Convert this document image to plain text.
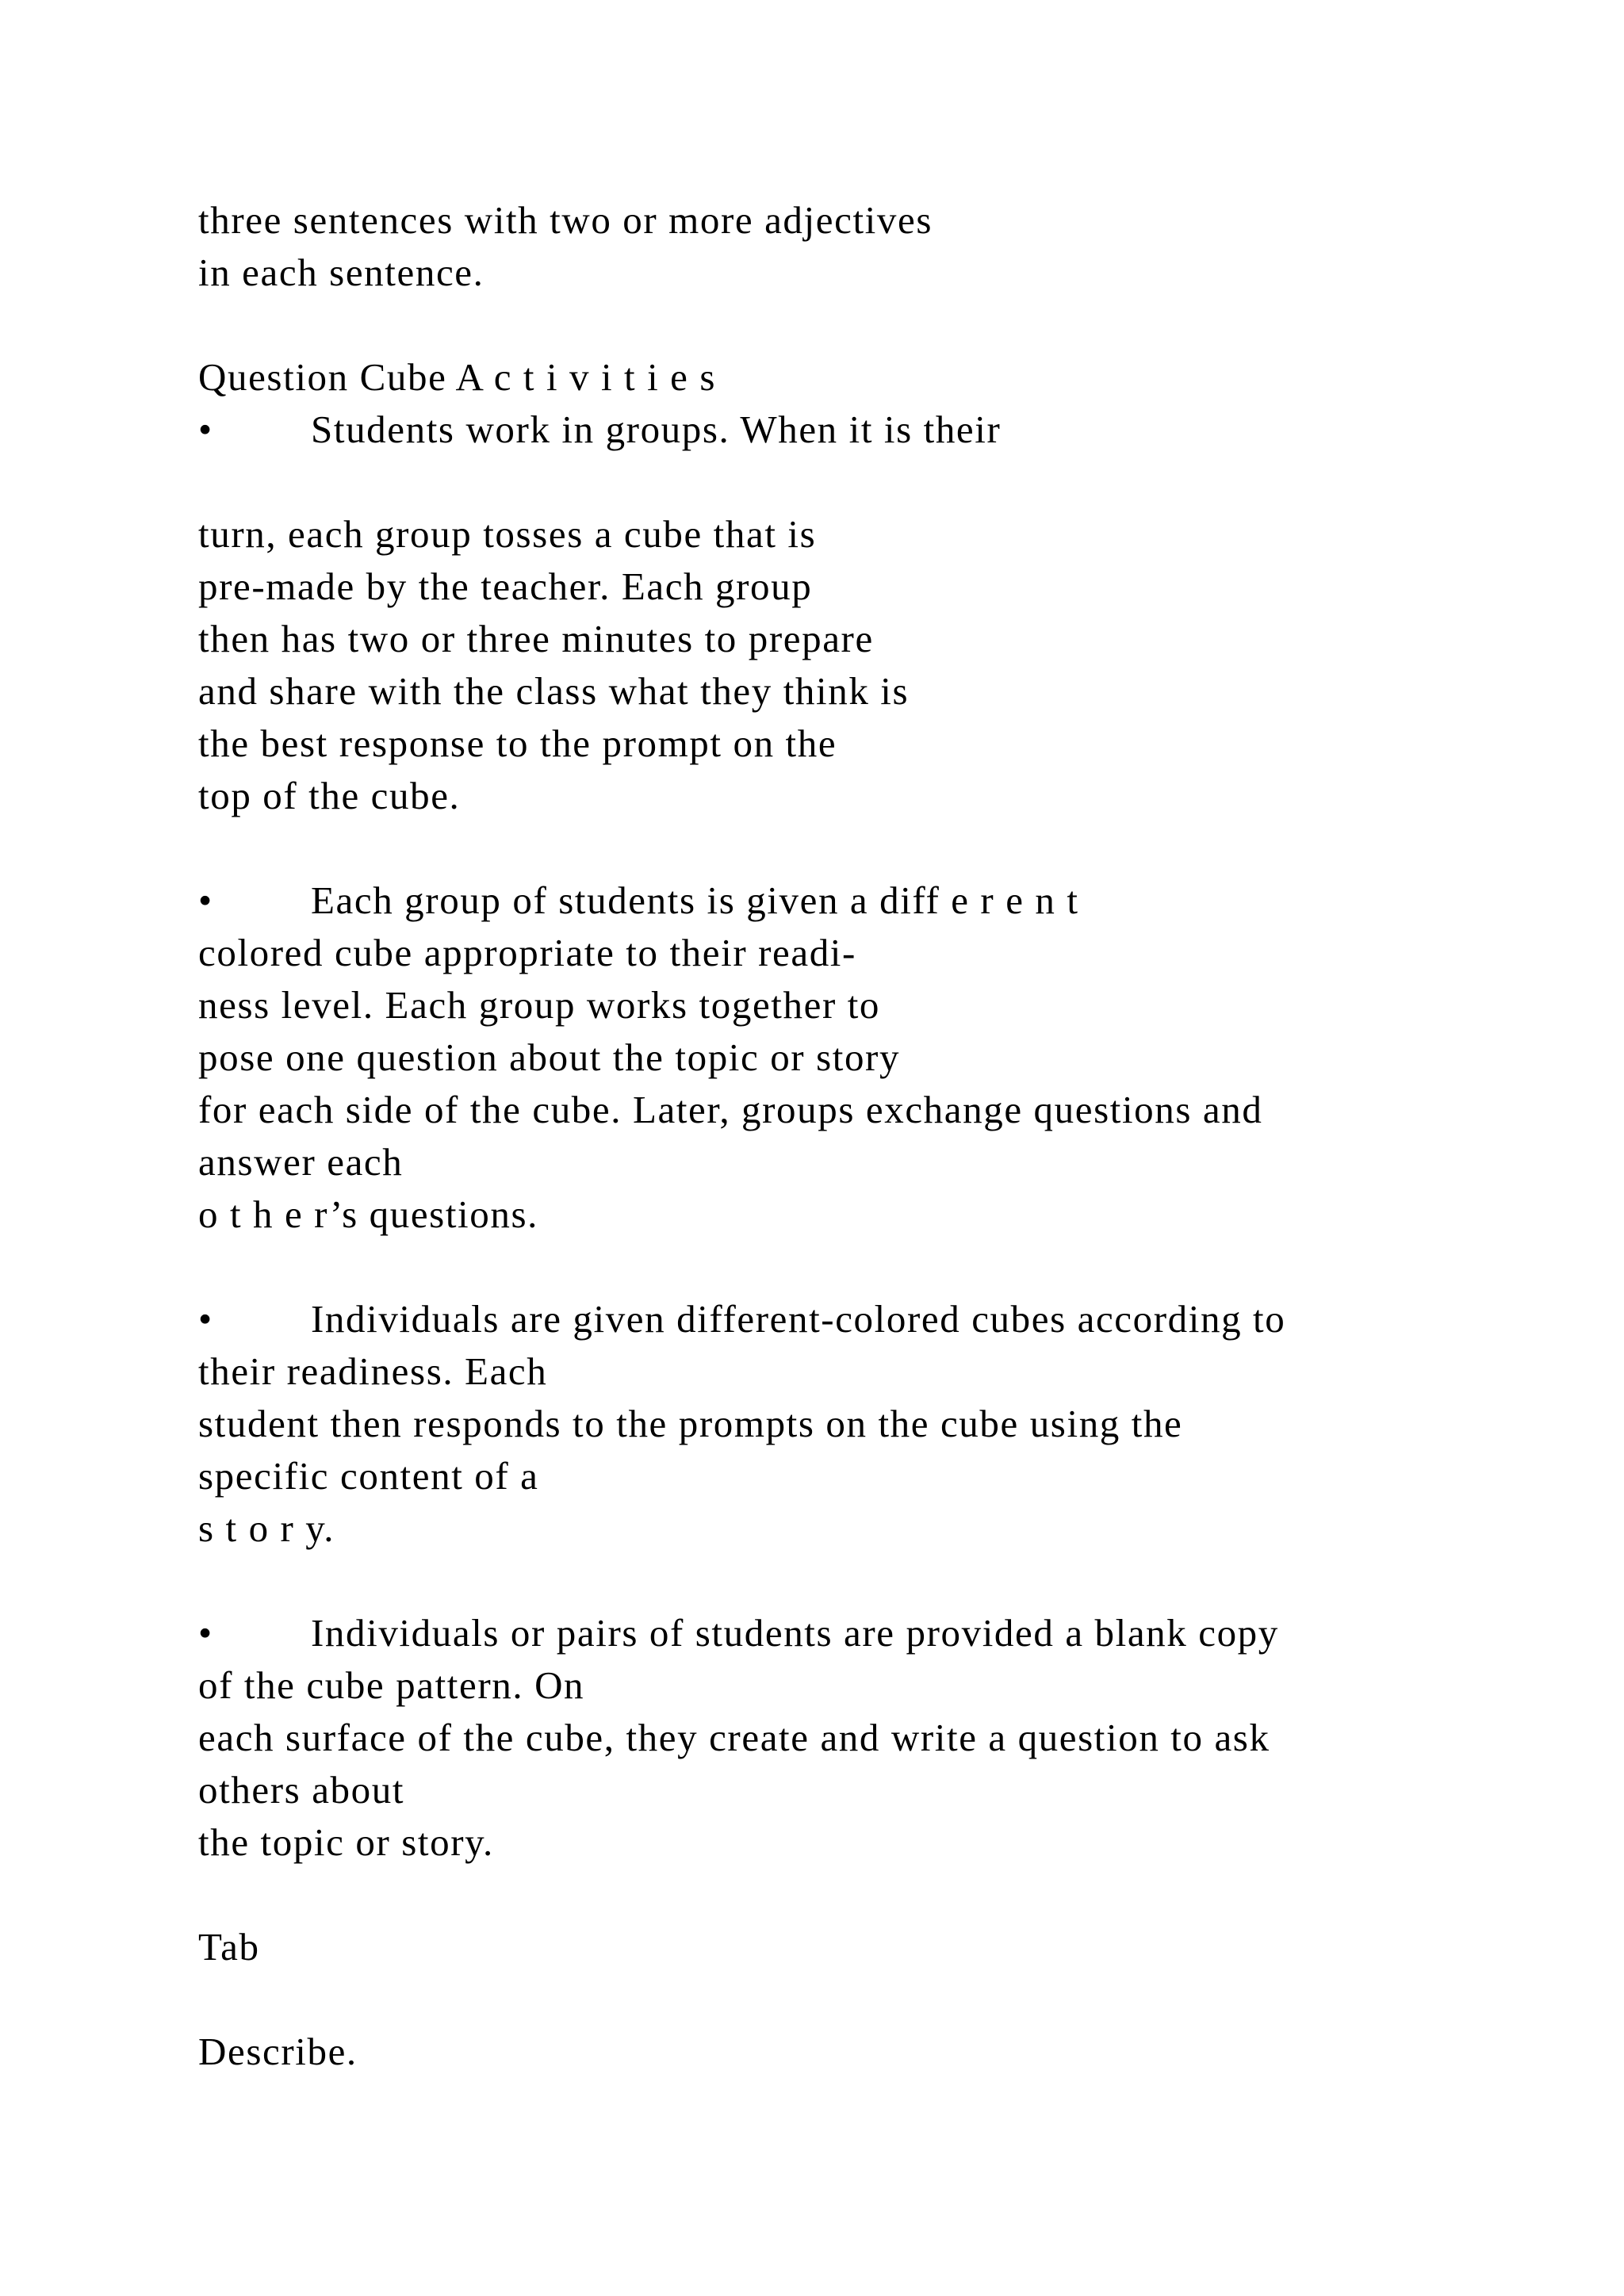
three sentences with two or more adjectives
in each sentence.
Question Cube A c t i v i t i e s
•	Students work in groups. When it is their
turn, each group tosses a cube that is
pre-made by the teacher. Each group
then has two or three minutes to prepare
and share with the class what they think is
the best response to the prompt on the
top of the cube.
•	Each group of students is given a diff e r e n t
colored cube appropriate to their readi-
ness level. Each group works together to
pose one question about the topic or story
for each side of the cube. Later, groups exchange questions and
answer each
o t h e r’s questions.
•	Individuals are given different-colored cubes according to
their readiness. Each
student then responds to the prompts on the cube using the
specific content of a
s t o r y.
•	Individuals or pairs of students are provided a blank copy
of the cube pattern. On
each surface of the cube, they create and write a question to ask
others about
the topic or story.
Tab
Describe.
